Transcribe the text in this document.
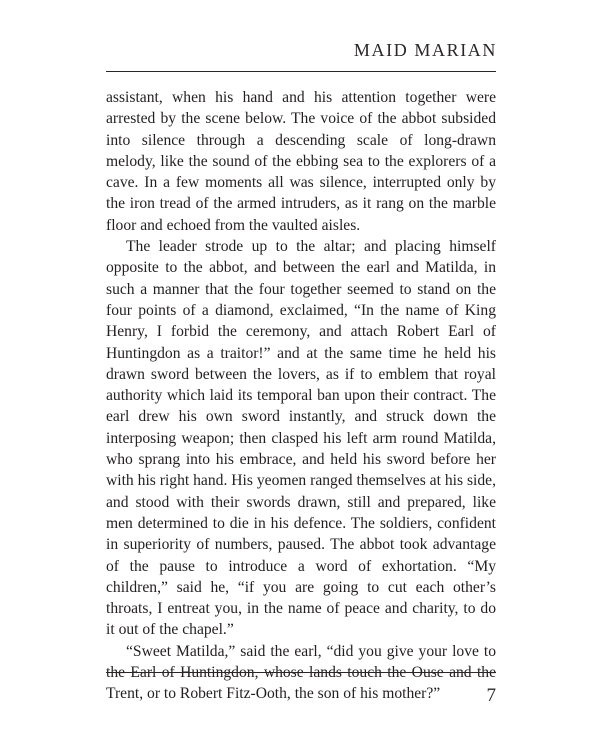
MAID MARIAN

assistant, when his hand and his attention together were arrested by the scene below. The voice of the abbot subsided into silence through a descending scale of long-drawn melody, like the sound of the ebbing sea to the explorers of a cave. In a few moments all was silence, interrupted only by the iron tread of the armed intruders, as it rang on the marble floor and echoed from the vaulted aisles.

The leader strode up to the altar; and placing himself opposite to the abbot, and between the earl and Matilda, in such a manner that the four together seemed to stand on the four points of a diamond, exclaimed, “In the name of King Henry, I forbid the ceremony, and attach Robert Earl of Huntingdon as a traitor!” and at the same time he held his drawn sword between the lovers, as if to emblem that royal authority which laid its temporal ban upon their contract. The earl drew his own sword instantly, and struck down the interposing weapon; then clasped his left arm round Matilda, who sprang into his embrace, and held his sword before her with his right hand. His yeomen ranged themselves at his side, and stood with their swords drawn, still and prepared, like men determined to die in his defence. The soldiers, confident in superiority of numbers, paused. The abbot took advantage of the pause to introduce a word of exhortation. “My children,” said he, “if you are going to cut each other’s throats, I entreat you, in the name of peace and charity, to do it out of the chapel.”

“Sweet Matilda,” said the earl, “did you give your love to the Earl of Huntingdon, whose lands touch the Ouse and the Trent, or to Robert Fitz-Ooth, the son of his mother?”	7
